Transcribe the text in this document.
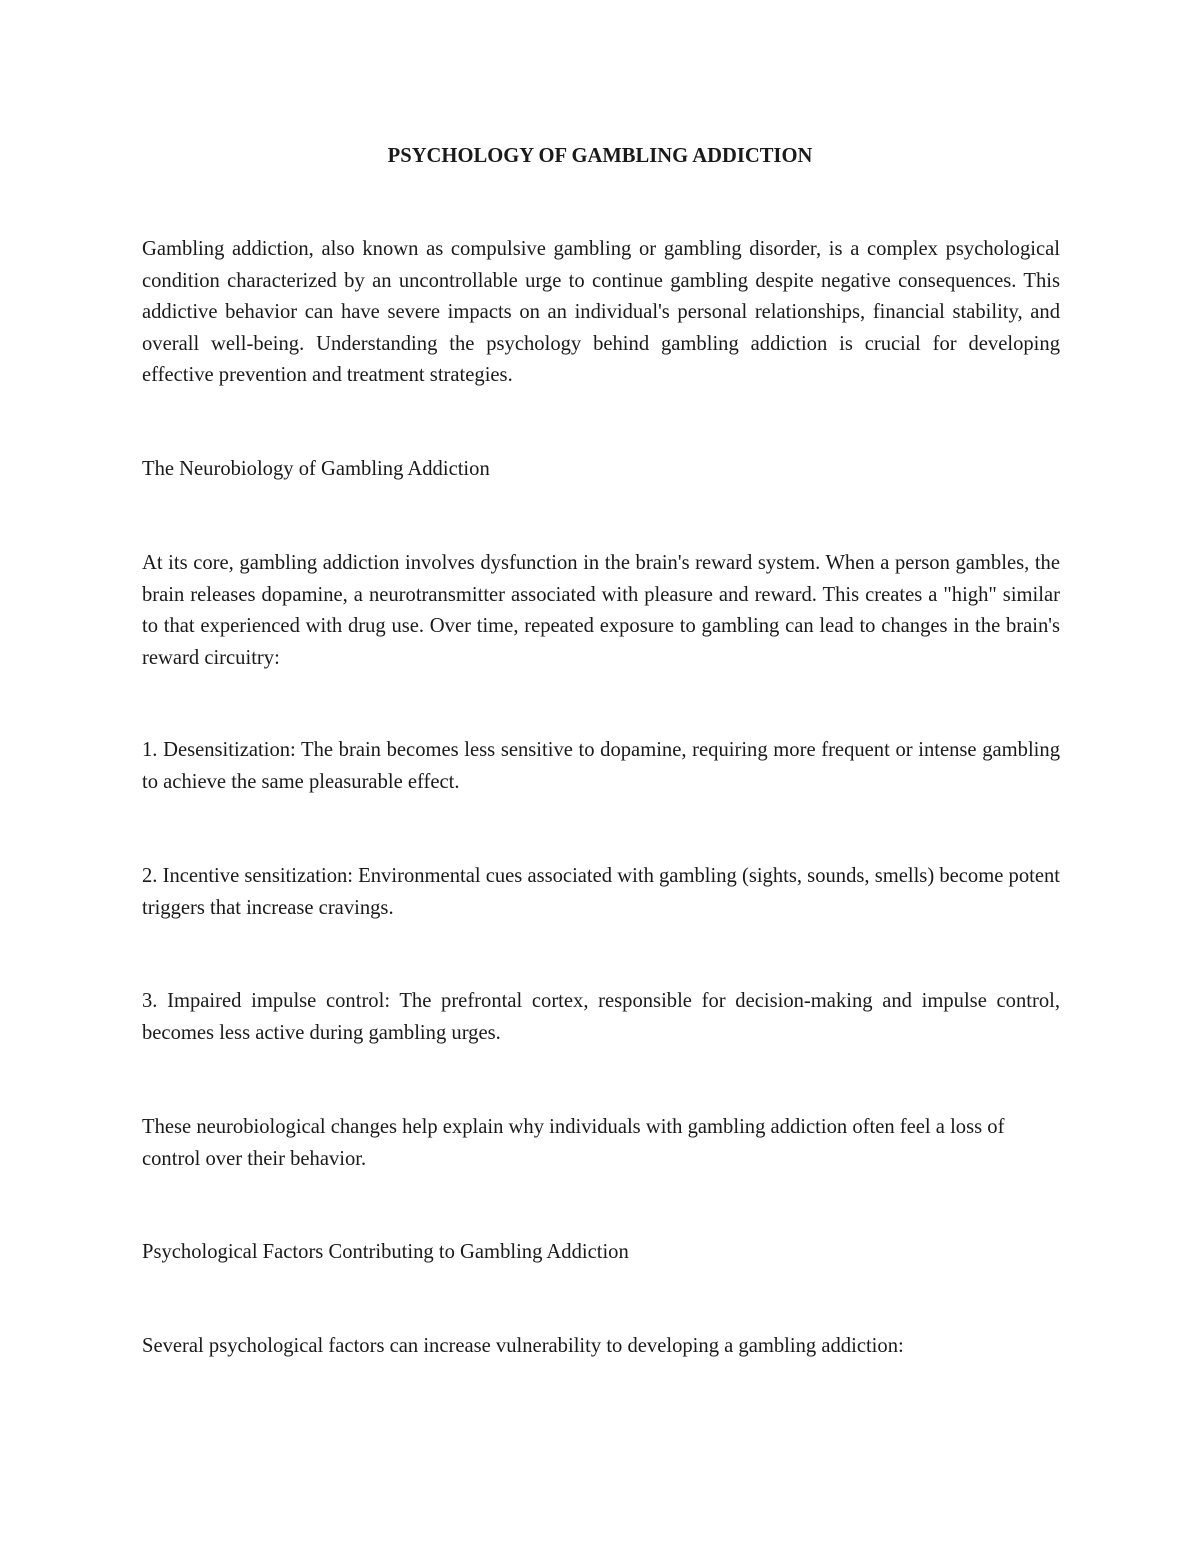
PSYCHOLOGY OF GAMBLING ADDICTION

Gambling addiction, also known as compulsive gambling or gambling disorder, is a complex psychological condition characterized by an uncontrollable urge to continue gambling despite negative consequences. This addictive behavior can have severe impacts on an individual's personal relationships, financial stability, and overall well-being. Understanding the psychology behind gambling addiction is crucial for developing effective prevention and treatment strategies.

The Neurobiology of Gambling Addiction

At its core, gambling addiction involves dysfunction in the brain's reward system. When a person gambles, the brain releases dopamine, a neurotransmitter associated with pleasure and reward. This creates a "high" similar to that experienced with drug use. Over time, repeated exposure to gambling can lead to changes in the brain's reward circuitry:

1. Desensitization: The brain becomes less sensitive to dopamine, requiring more frequent or intense gambling to achieve the same pleasurable effect.

2. Incentive sensitization: Environmental cues associated with gambling (sights, sounds, smells) become potent triggers that increase cravings.

3. Impaired impulse control: The prefrontal cortex, responsible for decision-making and impulse control, becomes less active during gambling urges.

These neurobiological changes help explain why individuals with gambling addiction often feel a loss of control over their behavior.

Psychological Factors Contributing to Gambling Addiction

Several psychological factors can increase vulnerability to developing a gambling addiction:
